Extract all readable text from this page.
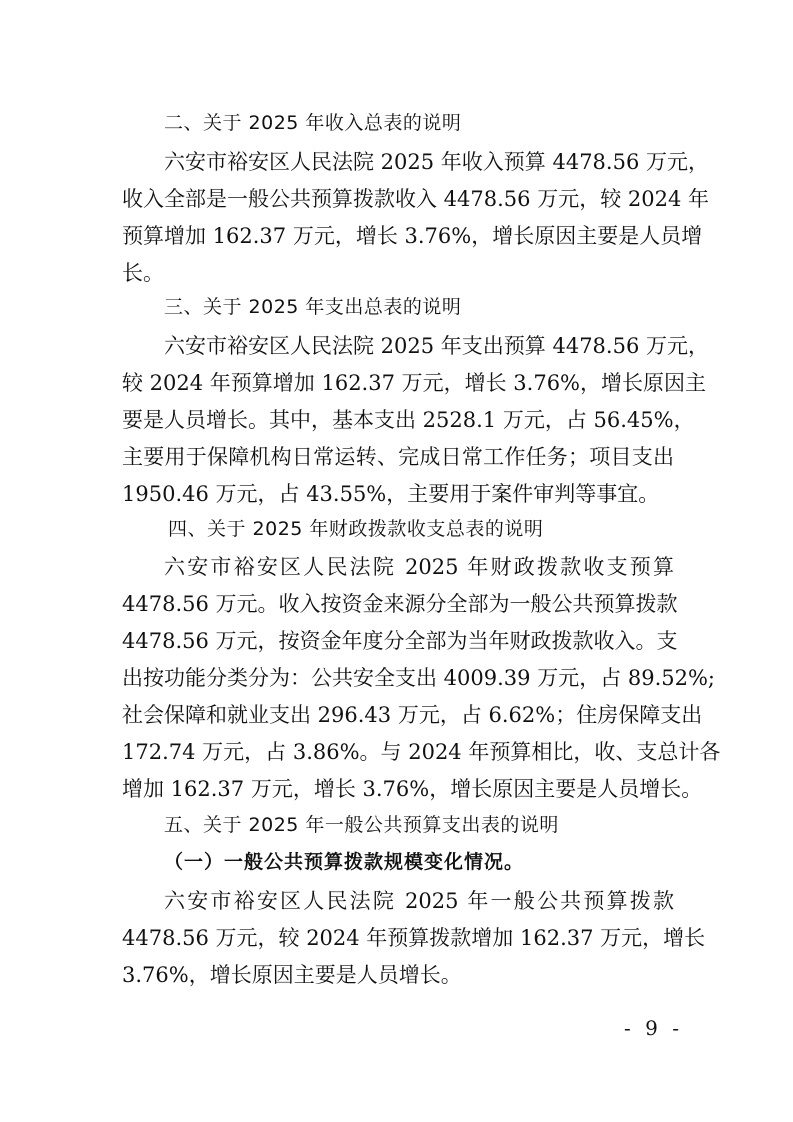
二、关于 2025 年收入总表的说明
六安市裕安区人民法院 2025 年收入预算 4478.56 万元，
收入全部是一般公共预算拨款收入 4478.56 万元，较 2024 年
预算增加 162.37 万元，增长 3.76%，增长原因主要是人员增
长。
三、关于 2025 年支出总表的说明
六安市裕安区人民法院 2025 年支出预算 4478.56 万元，
较 2024 年预算增加 162.37 万元，增长 3.76%，增长原因主
要是人员增长。其中，基本支出 2528.1 万元，占 56.45%，
主要用于保障机构日常运转、完成日常工作任务；项目支出
1950.46 万元，占 43.55%，主要用于案件审判等事宜。
四、关于 2025 年财政拨款收支总表的说明
六安市裕安区人民法院 2025 年财政拨款收支预算
4478.56 万元。收入按资金来源分全部为一般公共预算拨款
4478.56 万元，按资金年度分全部为当年财政拨款收入。支
出按功能分类分为：公共安全支出 4009.39 万元，占 89.52%;
社会保障和就业支出 296.43 万元，占 6.62%；住房保障支出
172.74 万元，占 3.86%。与 2024 年预算相比，收、支总计各
增加 162.37 万元，增长 3.76%，增长原因主要是人员增长。
五、关于 2025 年一般公共预算支出表的说明
（一）一般公共预算拨款规模变化情况。
六安市裕安区人民法院 2025 年一般公共预算拨款
4478.56 万元，较 2024 年预算拨款增加 162.37 万元，增长
3.76%，增长原因主要是人员增长。
- 9 -
